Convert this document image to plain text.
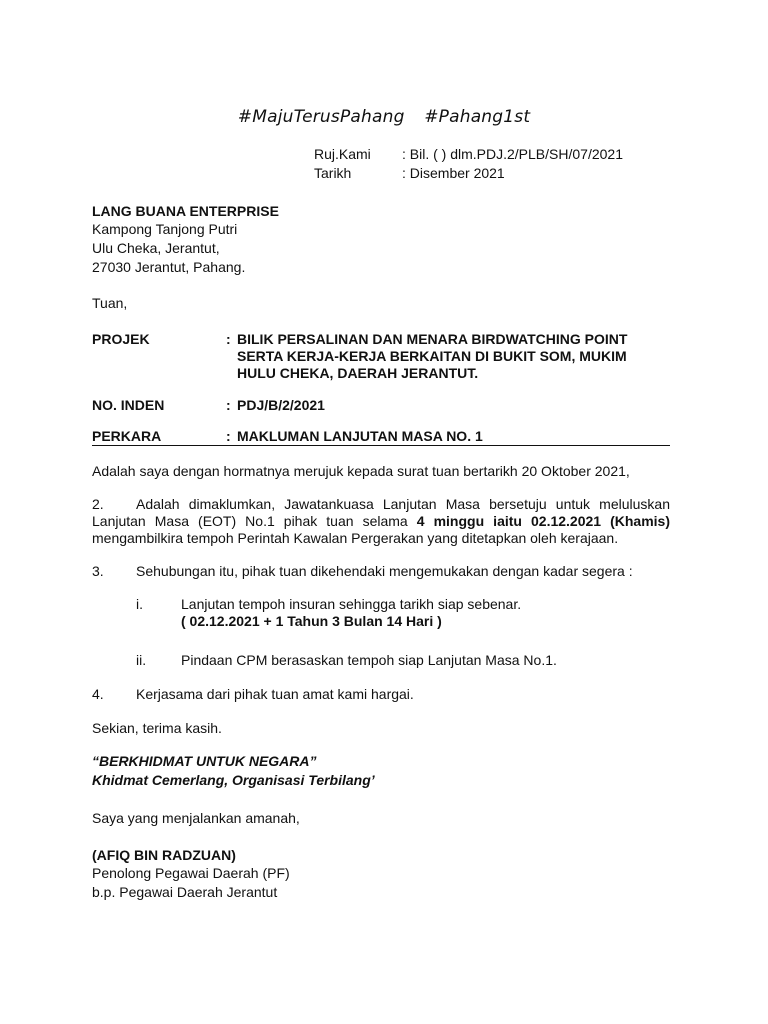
#MajuTerusPahang #Pahang1st
Ruj.Kami : Bil. ( ) dlm.PDJ.2/PLB/SH/07/2021
Tarikh	: Disember 2021
LANG BUANA ENTERPRISE
Kampong Tanjong Putri
Ulu Cheka, Jerantut,
27030 Jerantut, Pahang.
Tuan,
PROJEK	: BILIK PERSALINAN DAN MENARA BIRDWATCHING POINT
SERTA KERJA-KERJA BERKAITAN DI BUKIT SOM, MUKIM
HULU CHEKA, DAERAH JERANTUT.
NO. INDEN	: PDJ/B/2/2021
PERKARA	: MAKLUMAN LANJUTAN MASA NO. 1
Adalah saya dengan hormatnya merujuk kepada surat tuan bertarikh 20 Oktober 2021,
2. Adalah dimaklumkan, Jawatankuasa Lanjutan Masa bersetuju untuk meluluskan Lanjutan Masa (EOT) No.1 pihak tuan selama 4 minggu iaitu 02.12.2021 (Khamis) mengambilkira tempoh Perintah Kawalan Pergerakan yang ditetapkan oleh kerajaan.
3. Sehubungan itu, pihak tuan dikehendaki mengemukakan dengan kadar segera :
i.	Lanjutan tempoh insuran sehingga tarikh siap sebenar.
( 02.12.2021 + 1 Tahun 3 Bulan 14 Hari )
ii. Pindaan CPM berasaskan tempoh siap Lanjutan Masa No.1.
4. Kerjasama dari pihak tuan amat kami hargai.
Sekian, terima kasih.
“BERKHIDMAT UNTUK NEGARA”
Khidmat Cemerlang, Organisasi Terbilang’
Saya yang menjalankan amanah,
(AFIQ BIN RADZUAN)
Penolong Pegawai Daerah (PF)
b.p. Pegawai Daerah Jerantut
